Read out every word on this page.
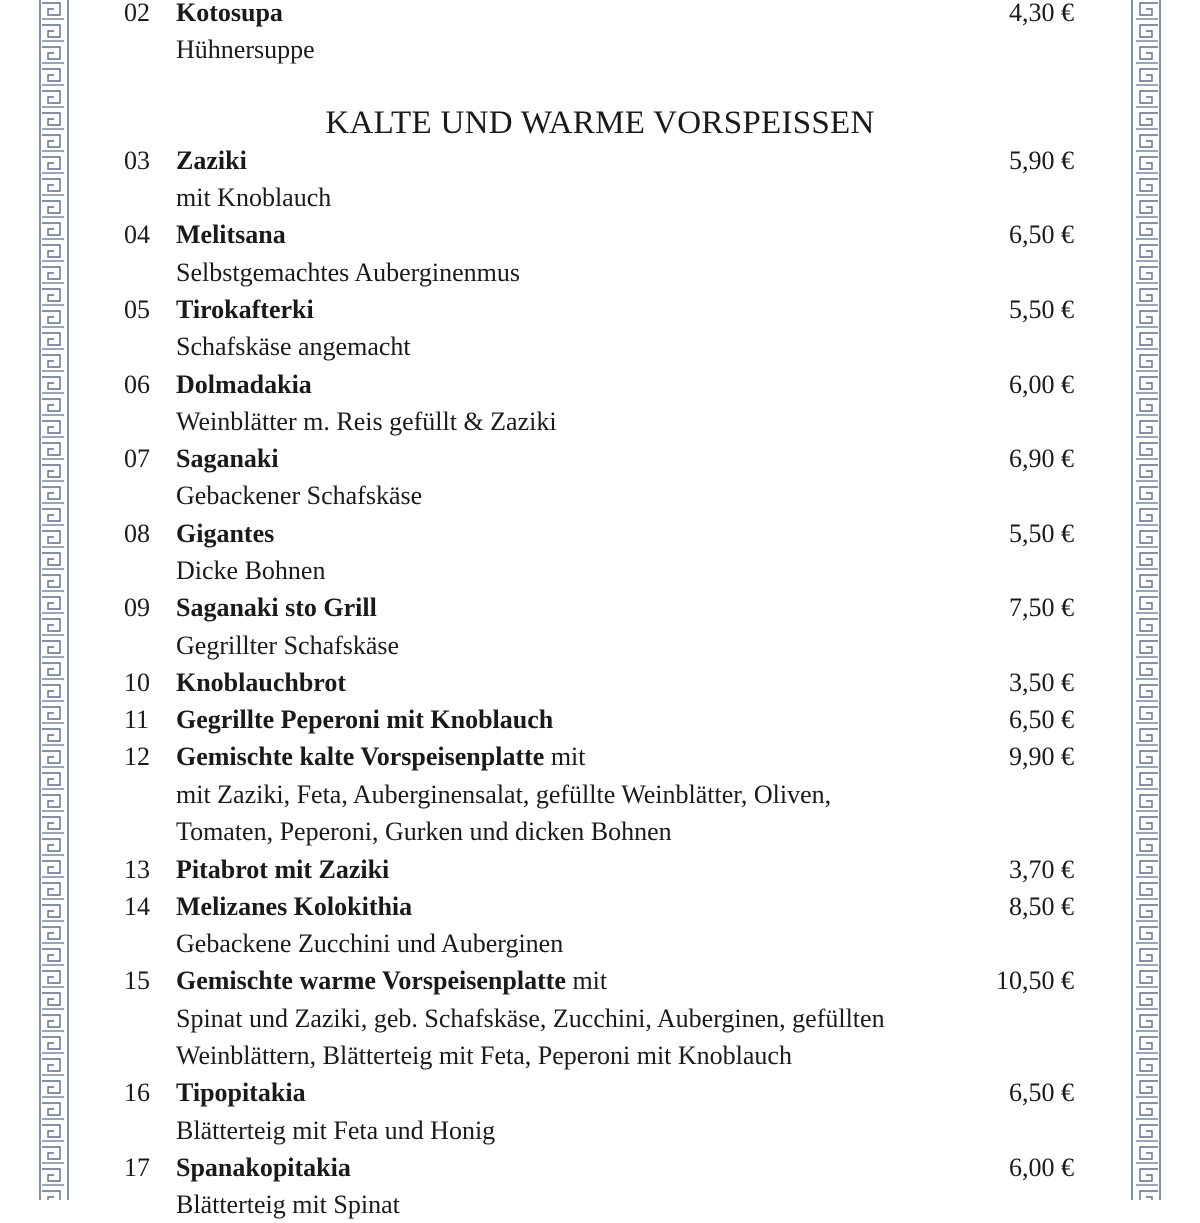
02 Kotosupa	4,30 €
Hühnersuppe
KALTE UND WARME VORSPEISSEN
03 Zaziki	5,90 €
mit Knoblauch
04 Melitsana	6,50 €
Selbstgemachtes Auberginenmus
05 Tirokafterki	5,50 €
Schafskäse angemacht
06 Dolmadakia	6,00 €
Weinblätter m. Reis gefüllt & Zaziki
07 Saganaki	6,90 €
Gebackener Schafskäse
08 Gigantes	5,50 €
Dicke Bohnen
09 Saganaki sto Grill	7,50 €
Gegrillter Schafskäse
10 Knoblauchbrot	3,50 €
11 Gegrillte Peperoni mit Knoblauch	6,50 €
12 Gemischte kalte Vorspeisenplatte mit	9,90 €
mit Zaziki, Feta, Auberginensalat, gefüllte Weinblätter, Oliven,
Tomaten, Peperoni, Gurken und dicken Bohnen
13 Pitabrot mit Zaziki	3,70 €
14 Melizanes Kolokithia	8,50 €
Gebackene Zucchini und Auberginen
15 Gemischte warme Vorspeisenplatte mit	10,50 €
Spinat und Zaziki, geb. Schafskäse, Zucchini, Auberginen, gefüllten
Weinblättern, Blätterteig mit Feta, Peperoni mit Knoblauch
16 Tipopitakia	6,50 €
Blätterteig mit Feta und Honig
17 Spanakopitakia	6,00 €
Blätterteig mit Spinat
